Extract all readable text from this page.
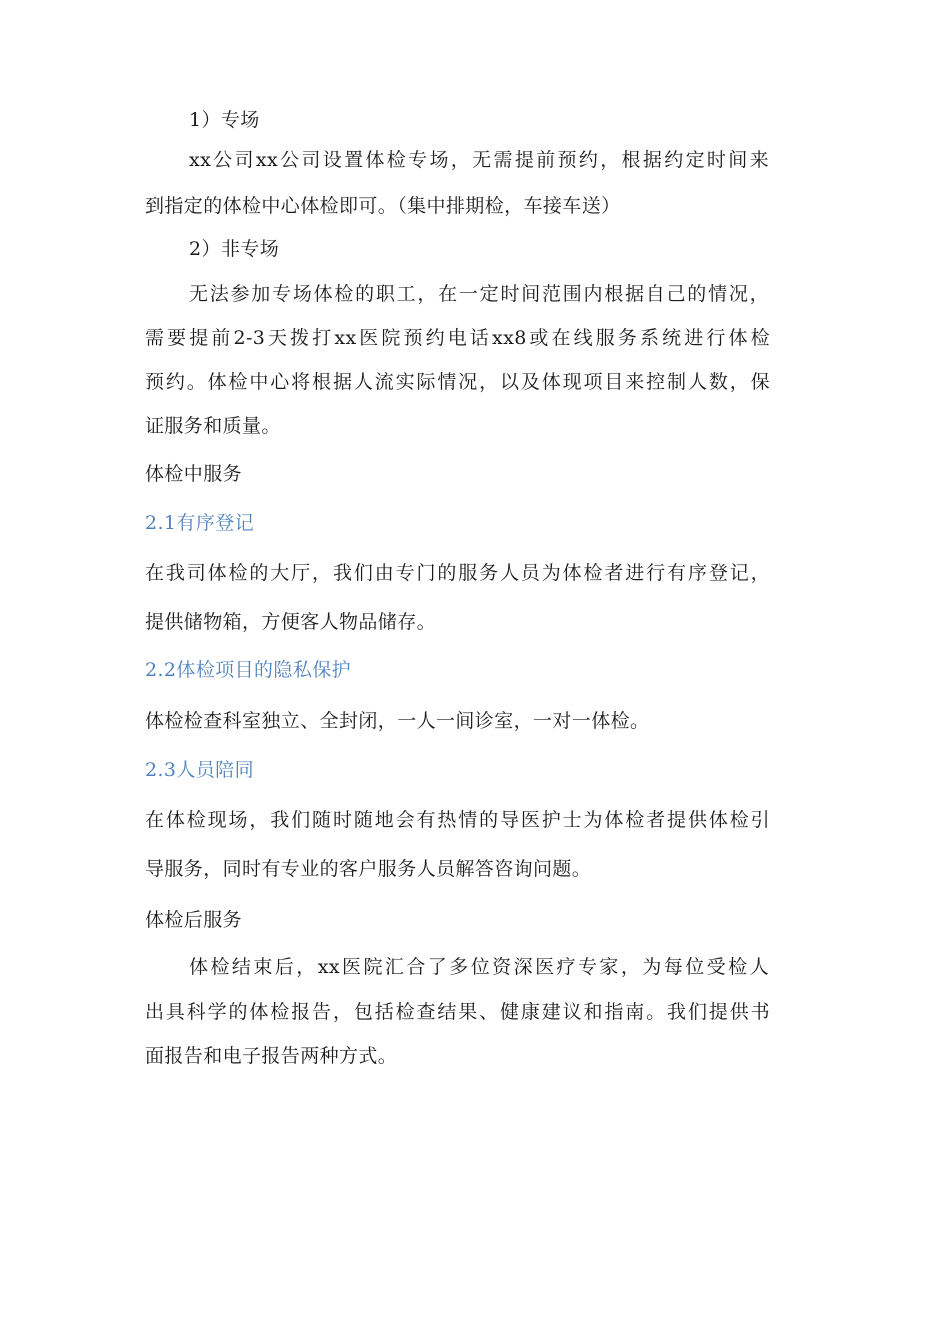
1）专场
xx公司xx公司设置体检专场，无需提前预约，根据约定时间来
到指定的体检中心体检即可。（集中排期检，车接车送）
2）非专场
无法参加专场体检的职工，在一定时间范围内根据自己的情况，
需要提前2-3天拨打xx医院预约电话xx8或在线服务系统进行体检
预约。体检中心将根据人流实际情况，以及体现项目来控制人数，保
证服务和质量。
体检中服务
2.1有序登记
在我司体检的大厅，我们由专门的服务人员为体检者进行有序登记，
提供储物箱，方便客人物品储存。
2.2体检项目的隐私保护
体检检查科室独立、全封闭，一人一间诊室，一对一体检。
2.3人员陪同
在体检现场，我们随时随地会有热情的导医护士为体检者提供体检引
导服务，同时有专业的客户服务人员解答咨询问题。
体检后服务
体检结束后，xx医院汇合了多位资深医疗专家，为每位受检人
出具科学的体检报告，包括检查结果、健康建议和指南。我们提供书
面报告和电子报告两种方式。
